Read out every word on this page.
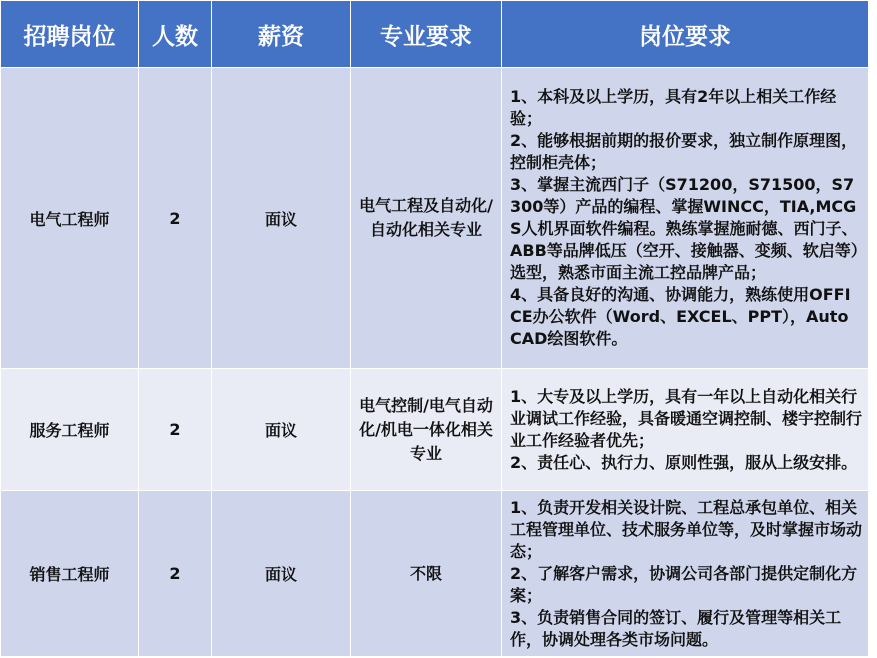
招聘岗位	人数	薪资	专业要求	岗位要求
电气工程师	2	面议	电气工程及自动化/自动化相关专业	1、本科及以上学历，具有2年以上相关工作经验；
2、能够根据前期的报价要求，独立制作原理图，控制柜壳体；
3、掌握主流西门子（S71200，S71500，S7300等）产品的编程、掌握WINCC，TIA,MCGS人机界面软件编程。熟练掌握施耐德、西门子、ABB等品牌低压（空开、接触器、变频、软启等）选型，熟悉市面主流工控品牌产品；
4、具备良好的沟通、协调能力，熟练使用OFFICE办公软件（Word、EXCEL、PPT），Auto CAD绘图软件。

服务工程师	2	面议	电气控制/电气自动化/机电一体化相关专业	1、大专及以上学历，具有一年以上自动化相关行业调试工作经验，具备暖通空调控制、楼宇控制行业工作经验者优先；
2、责任心、执行力、原则性强，服从上级安排。

销售工程师	2	面议	不限	1、负责开发相关设计院、工程总承包单位、相关工程管理单位、技术服务单位等，及时掌握市场动态；
2、了解客户需求，协调公司各部门提供定制化方案；
3、负责销售合同的签订、履行及管理等相关工作，协调处理各类市场问题。
